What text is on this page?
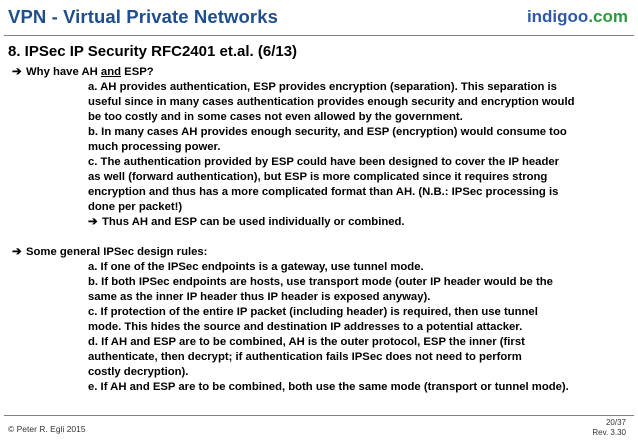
VPN - Virtual Private Networks	indigoo.com
8. IPSec IP Security RFC2401 et.al. (6/13)
➔ Why have AH and ESP?
a. AH provides authentication, ESP provides encryption (separation). This separation is
useful since in many cases authentication provides enough security and encryption would
be too costly and in some cases not even allowed by the government.
b. In many cases AH provides enough security, and ESP (encryption) would consume too
much processing power.
c. The authentication provided by ESP could have been designed to cover the IP header
as well (forward authentication), but ESP is more complicated since it requires strong
encryption and thus has a more complicated format than AH. (N.B.: IPSec processing is
done per packet!)
➔ Thus AH and ESP can be used individually or combined.
➔ Some general IPSec design rules:
a. If one of the IPSec endpoints is a gateway, use tunnel mode.
b. If both IPSec endpoints are hosts, use transport mode (outer IP header would be the
same as the inner IP header thus IP header is exposed anyway).
c. If protection of the entire IP packet (including header) is required, then use tunnel
mode. This hides the source and destination IP addresses to a potential attacker.
d. If AH and ESP are to be combined, AH is the outer protocol, ESP the inner (first
authenticate, then decrypt; if authentication fails IPSec does not need to perform
costly decryption).
e. If AH and ESP are to be combined, both use the same mode (transport or tunnel mode).
© Peter R. Egli 2015
20/37
Rev. 3.30
